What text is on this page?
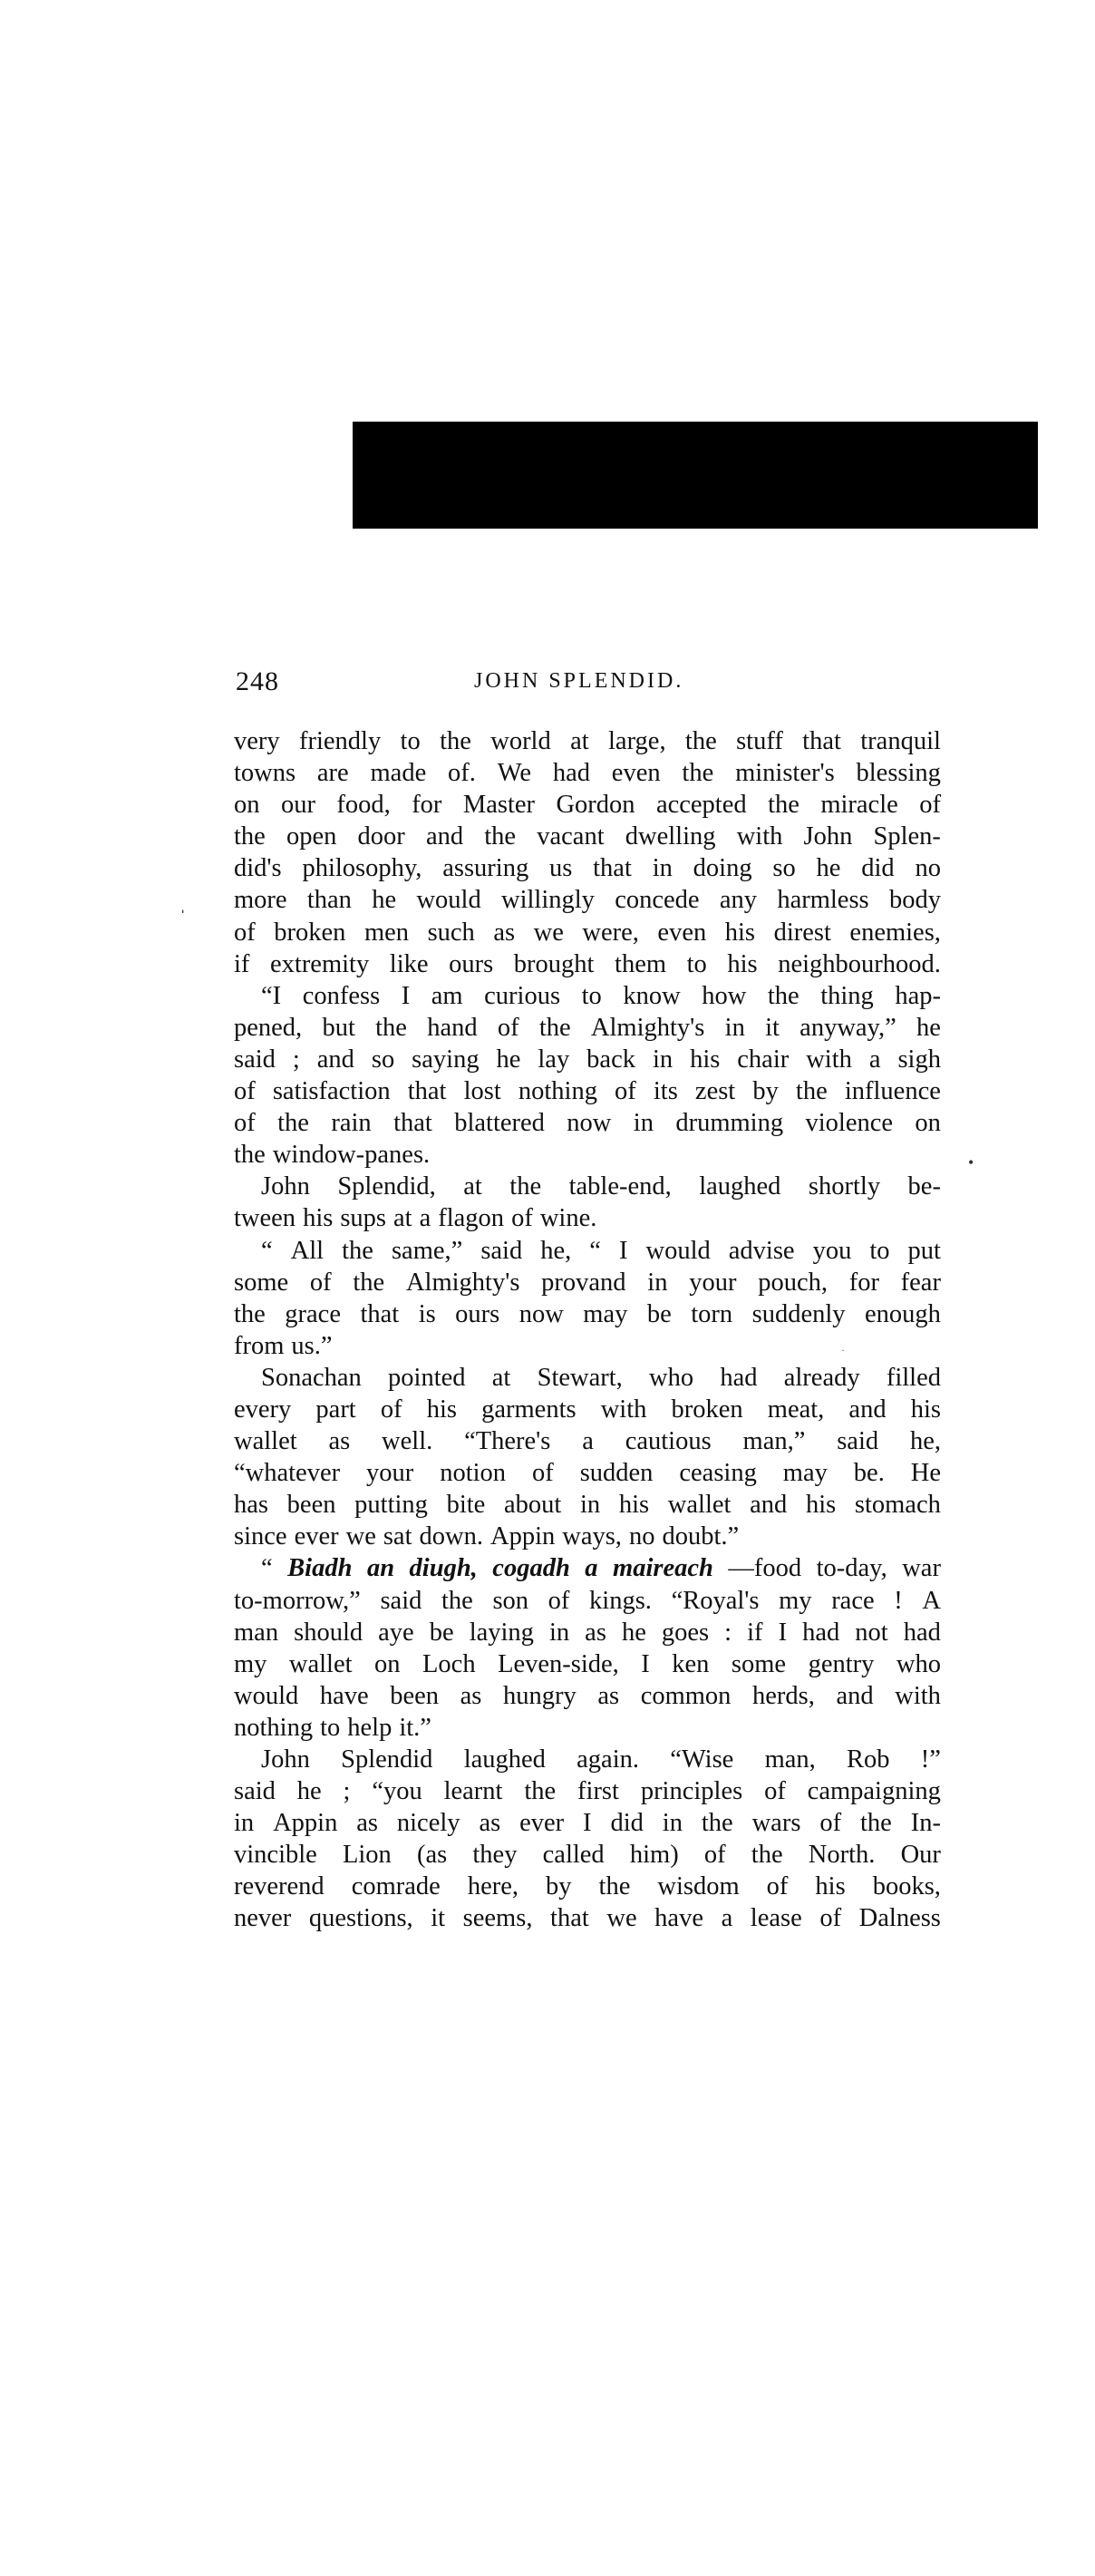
248	JOHN SPLENDID.
ˌ
•
·
very friendly to the world at large, the stuff that tranquil
towns are made of. We had even the minister's blessing
on our food, for Master Gordon accepted the miracle of
the open door and the vacant dwelling with John Splen-
did's philosophy, assuring us that in doing so he did no
more than he would willingly concede any harmless body
of broken men such as we were, even his direst enemies,
if extremity like ours brought them to his neighbourhood.
“I confess I am curious to know how the thing hap-
pened, but the hand of the Almighty's in it anyway,” he
said ; and so saying he lay back in his chair with a sigh
of satisfaction that lost nothing of its zest by the influence
of the rain that blattered now in drumming violence on
the window-panes.
John Splendid, at the table-end, laughed shortly be-
tween his sups at a flagon of wine.
“ All the same,” said he, “ I would advise you to put
some of the Almighty's provand in your pouch, for fear
the grace that is ours now may be torn suddenly enough
from us.”
Sonachan pointed at Stewart, who had already filled
every part of his garments with broken meat, and his
wallet as well. “There's a cautious man,” said he,
“whatever your notion of sudden ceasing may be. He
has been putting bite about in his wallet and his stomach
since ever we sat down. Appin ways, no doubt.”
“ Biadh an diugh, cogadh a maireach —food to-day, war
to-morrow,” said the son of kings. “Royal's my race ! A
man should aye be laying in as he goes : if I had not had
my wallet on Loch Leven-side, I ken some gentry who
would have been as hungry as common herds, and with
nothing to help it.”
John Splendid laughed again. “Wise man, Rob !”
said he ; “you learnt the first principles of campaigning
in Appin as nicely as ever I did in the wars of the In-
vincible Lion (as they called him) of the North. Our
reverend comrade here, by the wisdom of his books,
never questions, it seems, that we have a lease of Dalness
